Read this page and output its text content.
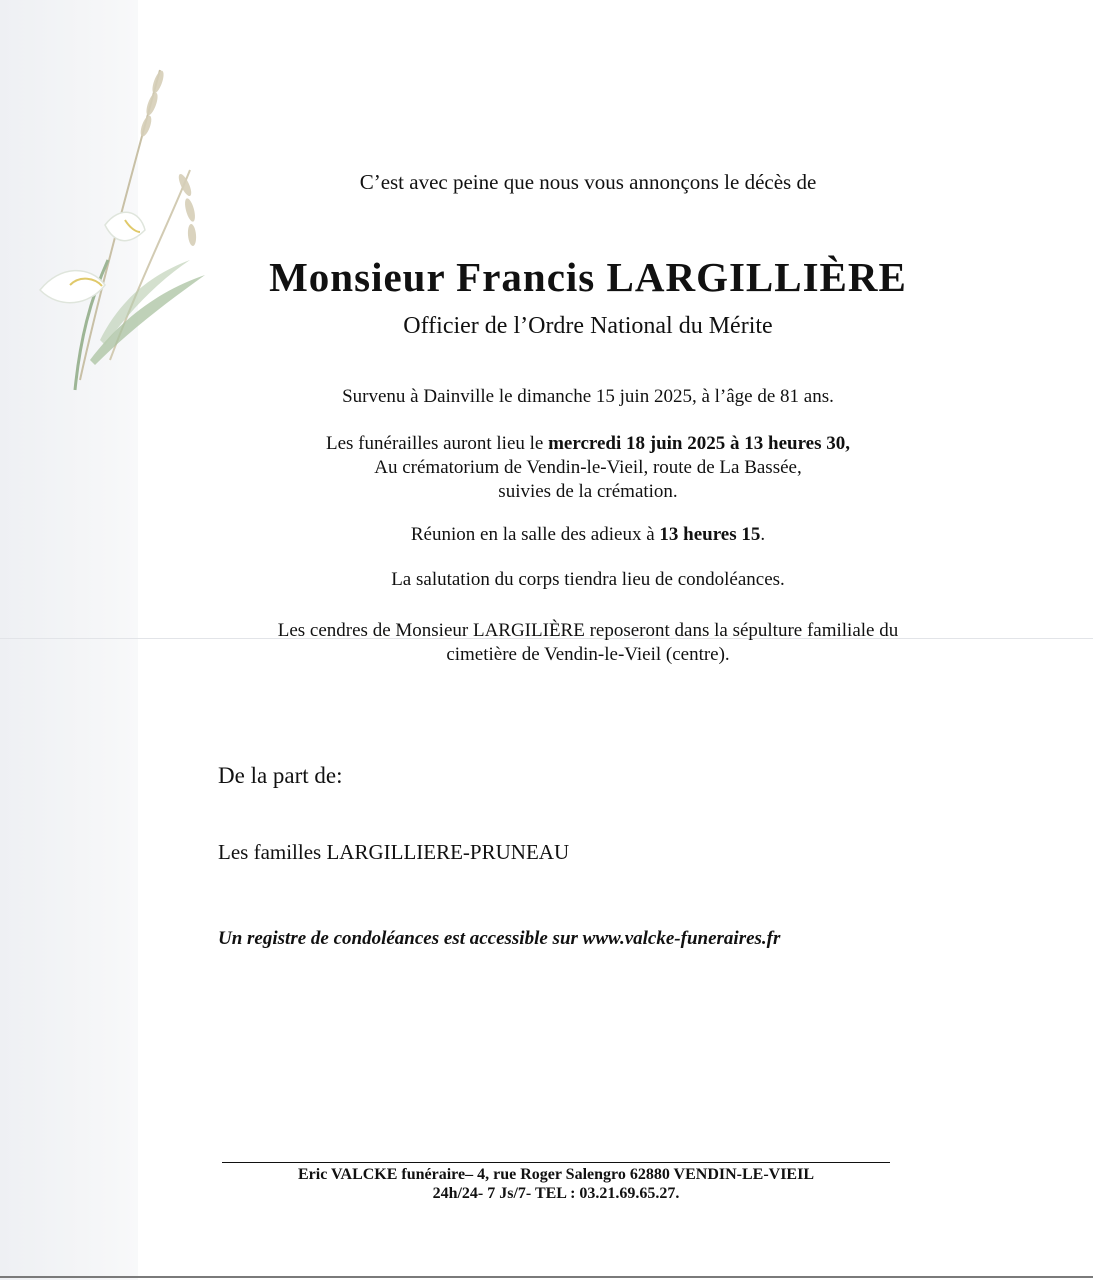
C’est avec peine que nous vous annonçons le décès de

Monsieur Francis LARGILLIÈRE

Officier de l’Ordre National du Mérite

Survenu à Dainville le dimanche 15 juin 2025, à l’âge de 81 ans.

Les funérailles auront lieu le mercredi 18 juin 2025 à 13 heures 30,
Au crématorium de Vendin-le-Vieil, route de La Bassée,
suivies de la crémation.

Réunion en la salle des adieux à 13 heures 15.

La salutation du corps tiendra lieu de condoléances.

Les cendres de Monsieur LARGILIÈRE reposeront dans la sépulture familiale du
cimetière de Vendin-le-Vieil (centre).

De la part de:

Les familles LARGILLIERE-PRUNEAU

Un registre de condoléances est accessible sur www.valcke-funeraires.fr

Eric VALCKE funéraire– 4, rue Roger Salengro 62880 VENDIN-LE-VIEIL
24h/24- 7 Js/7- TEL : 03.21.69.65.27.
